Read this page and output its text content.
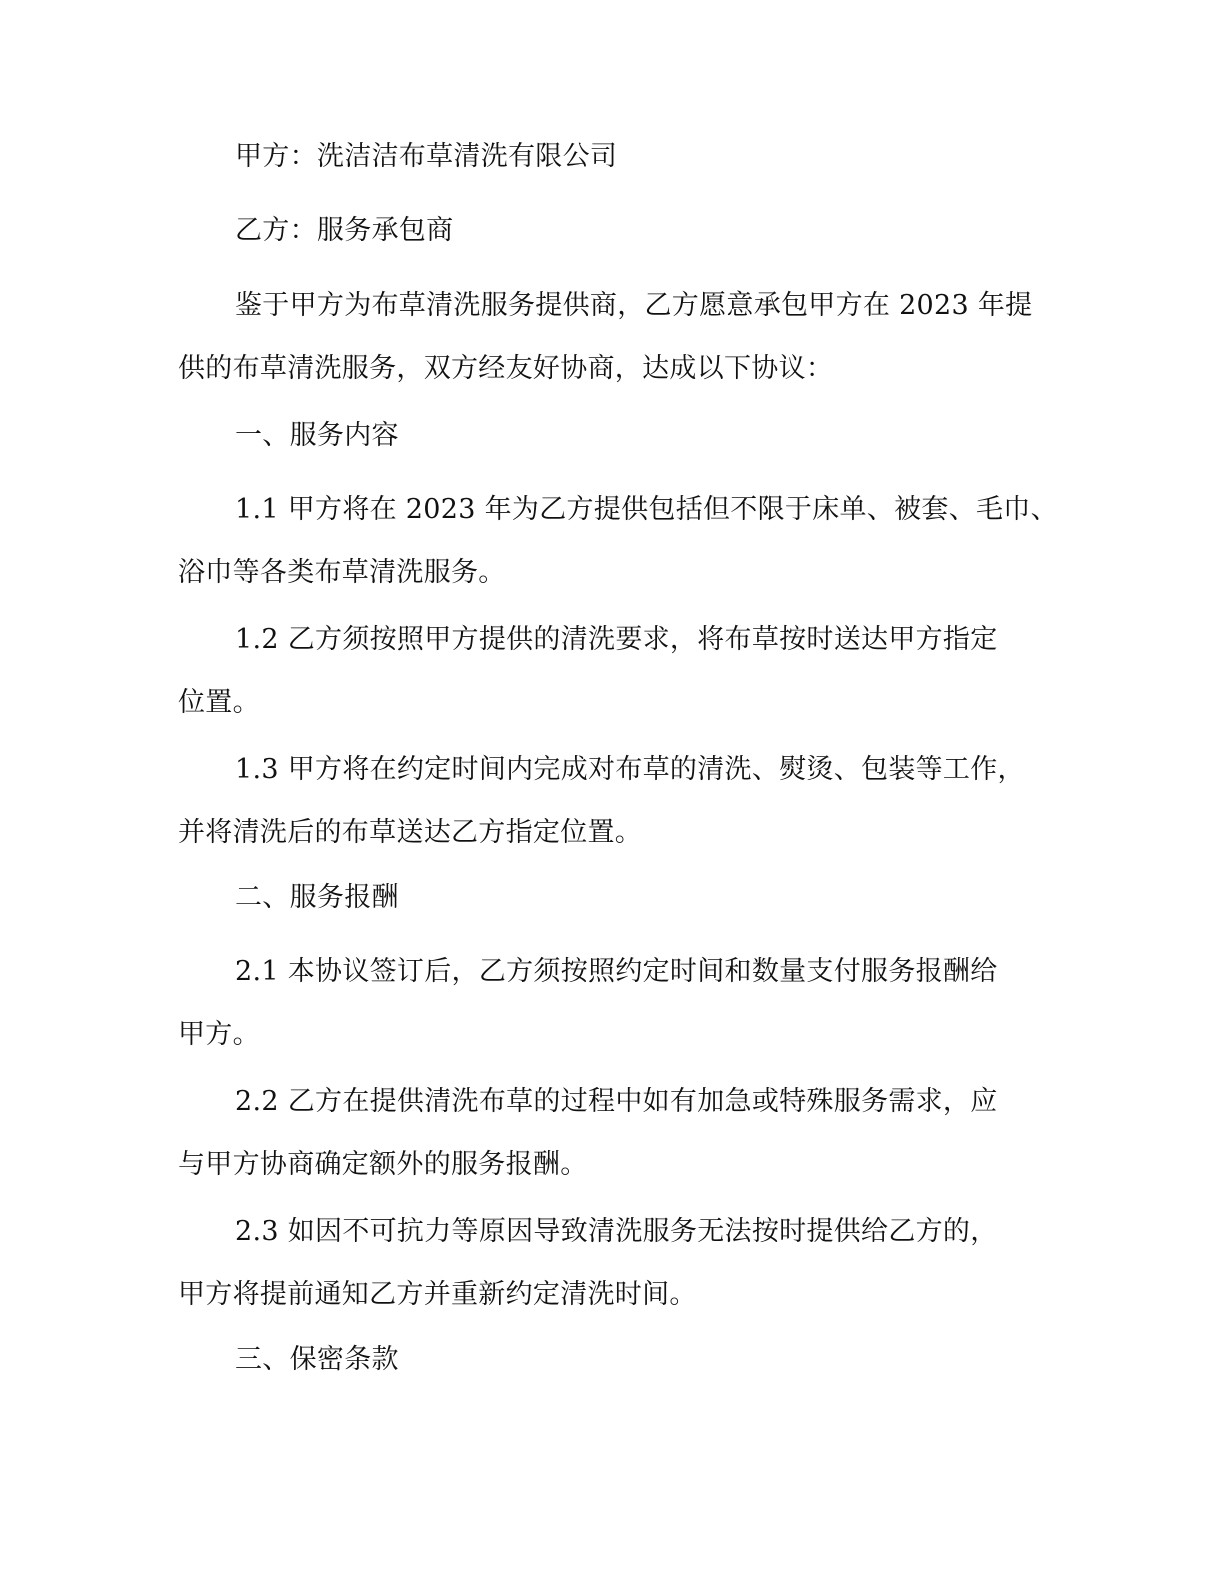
甲方：洗洁洁布草清洗有限公司
乙方：服务承包商
鉴于甲方为布草清洗服务提供商，乙方愿意承包甲方在 2023 年提
供的布草清洗服务，双方经友好协商，达成以下协议：
一、服务内容
1.1 甲方将在 2023 年为乙方提供包括但不限于床单、被套、毛巾、
浴巾等各类布草清洗服务。
1.2 乙方须按照甲方提供的清洗要求，将布草按时送达甲方指定
位置。
1.3 甲方将在约定时间内完成对布草的清洗、熨烫、包装等工作，
并将清洗后的布草送达乙方指定位置。
二、服务报酬
2.1 本协议签订后，乙方须按照约定时间和数量支付服务报酬给
甲方。
2.2 乙方在提供清洗布草的过程中如有加急或特殊服务需求，应
与甲方协商确定额外的服务报酬。
2.3 如因不可抗力等原因导致清洗服务无法按时提供给乙方的，
甲方将提前通知乙方并重新约定清洗时间。
三、保密条款
